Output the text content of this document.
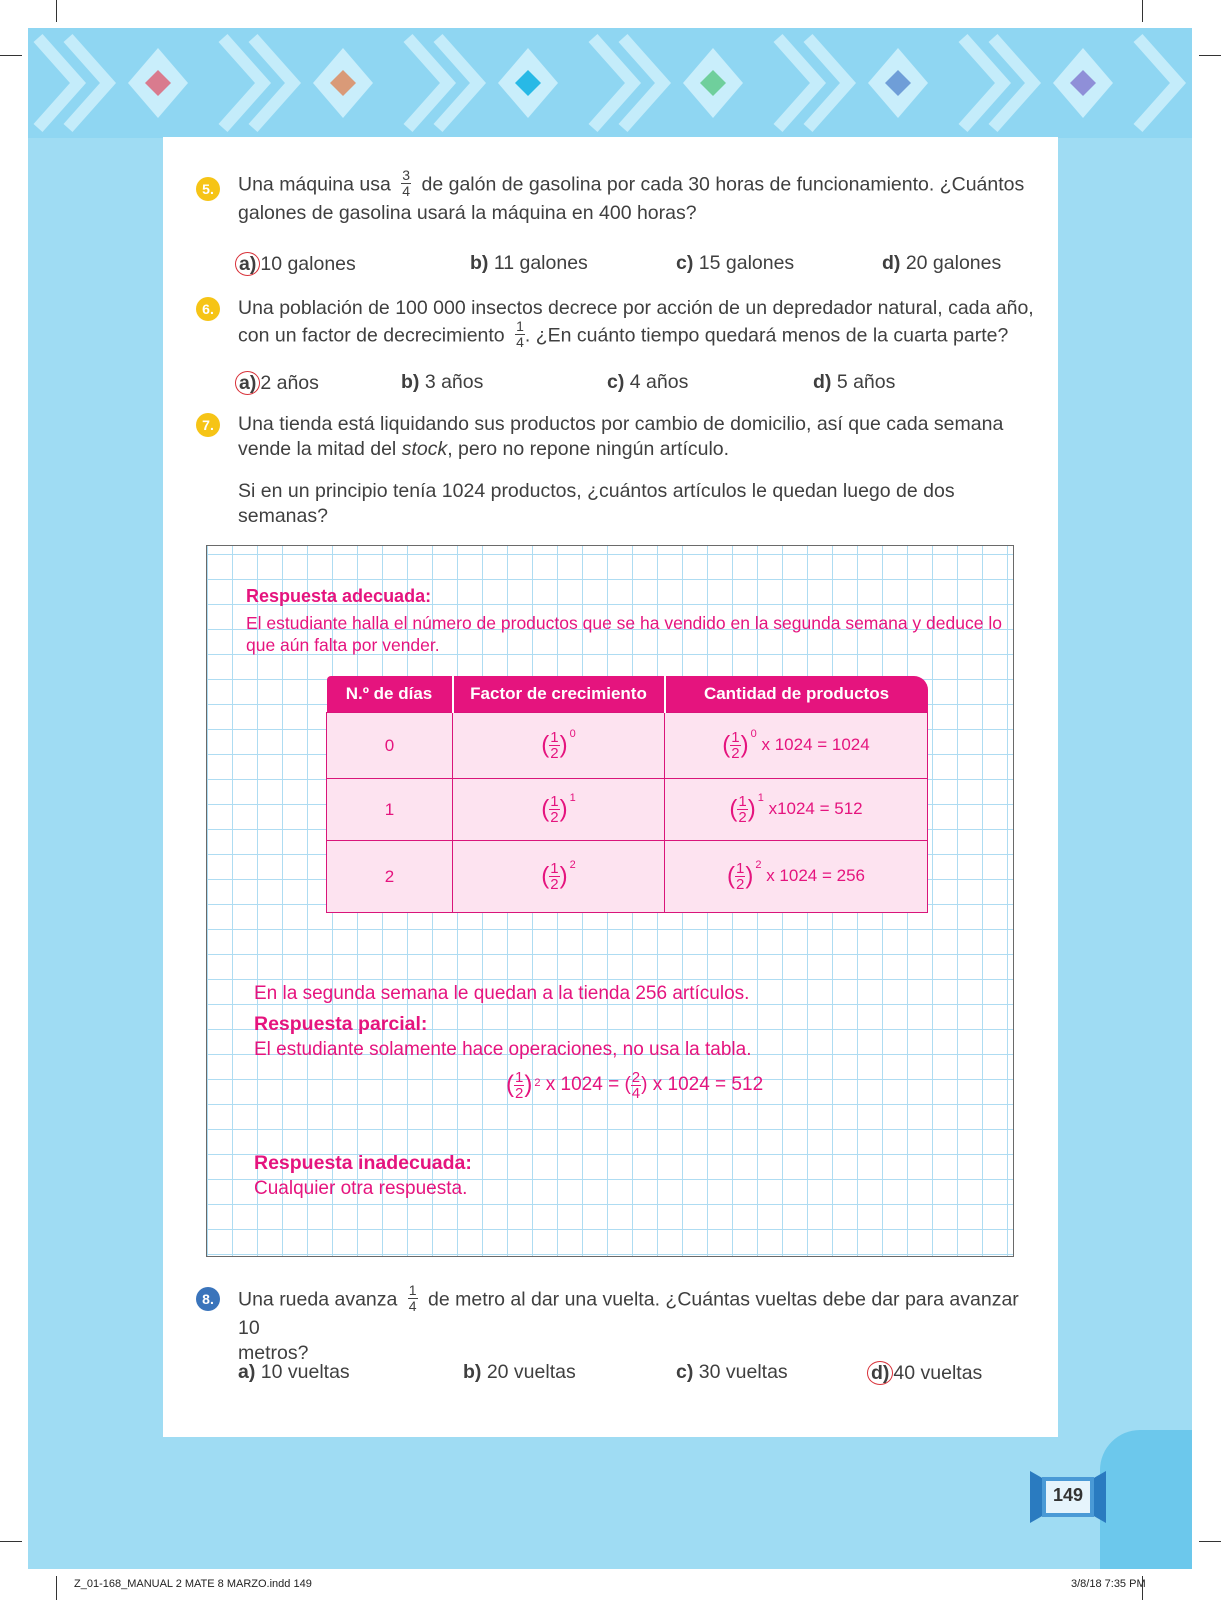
5.	Una máquina usa $\frac{3}{4}$ de galón de gasolina por cada 30 horas de funcionamiento. ¿Cuántos
galones de gasolina usará la máquina en 400 horas?
a) 10 galones	b) 11 galones	c) 15 galones	d) 20 galones
6.	Una población de 100 000 insectos decrece por acción de un depredador natural, cada año,
con un factor de decrecimiento $\frac{1}{4}$ . ¿En cuánto tiempo quedará menos de la cuarta parte?
a) 2 años	b) 3 años	c) 4 años	d) 5 años
7.	Una tienda está liquidando sus productos por cambio de domicilio, así que cada semana
vende la mitad del stock, pero no repone ningún artículo.
Si en un principio tenía 1024 productos, ¿cuántos artículos le quedan luego de dos semanas?
Respuesta adecuada:
El estudiante halla el número de productos que se ha vendido en la segunda semana y deduce lo
que aún falta por vender.
N.º de días	Factor de crecimiento	Cantidad de productos
0	( $\frac{1}{2}$ ) $^0$	( $\frac{1}{2}$ ) $^0$ x 1024 = 1024
1	( $\frac{1}{2}$ ) $^1$	( $\frac{1}{2}$ ) $^1$ x1024 = 512
2	( $\frac{1}{2}$ ) $^2$	( $\frac{1}{2}$ ) $^2$ x 1024 = 256
En la segunda semana le quedan a la tienda 256 artículos.
Respuesta parcial:
El estudiante solamente hace operaciones, no usa la tabla.
( $\frac{1}{2}$ ) $^2$ x 1024 = ( $\frac{2}{4}$ ) x 1024 = 512
Respuesta inadecuada:
Cualquier otra respuesta.
8.	Una rueda avanza $\frac{1}{4}$ de metro al dar una vuelta. ¿Cuántas vueltas debe dar para avanzar 10
metros?
a) 10 vueltas	b) 20 vueltas	c) 30 vueltas	d) 40 vueltas
149
Z_01-168_MANUAL 2 MATE 8 MARZO.indd 149	3/8/18 7:35 PM
